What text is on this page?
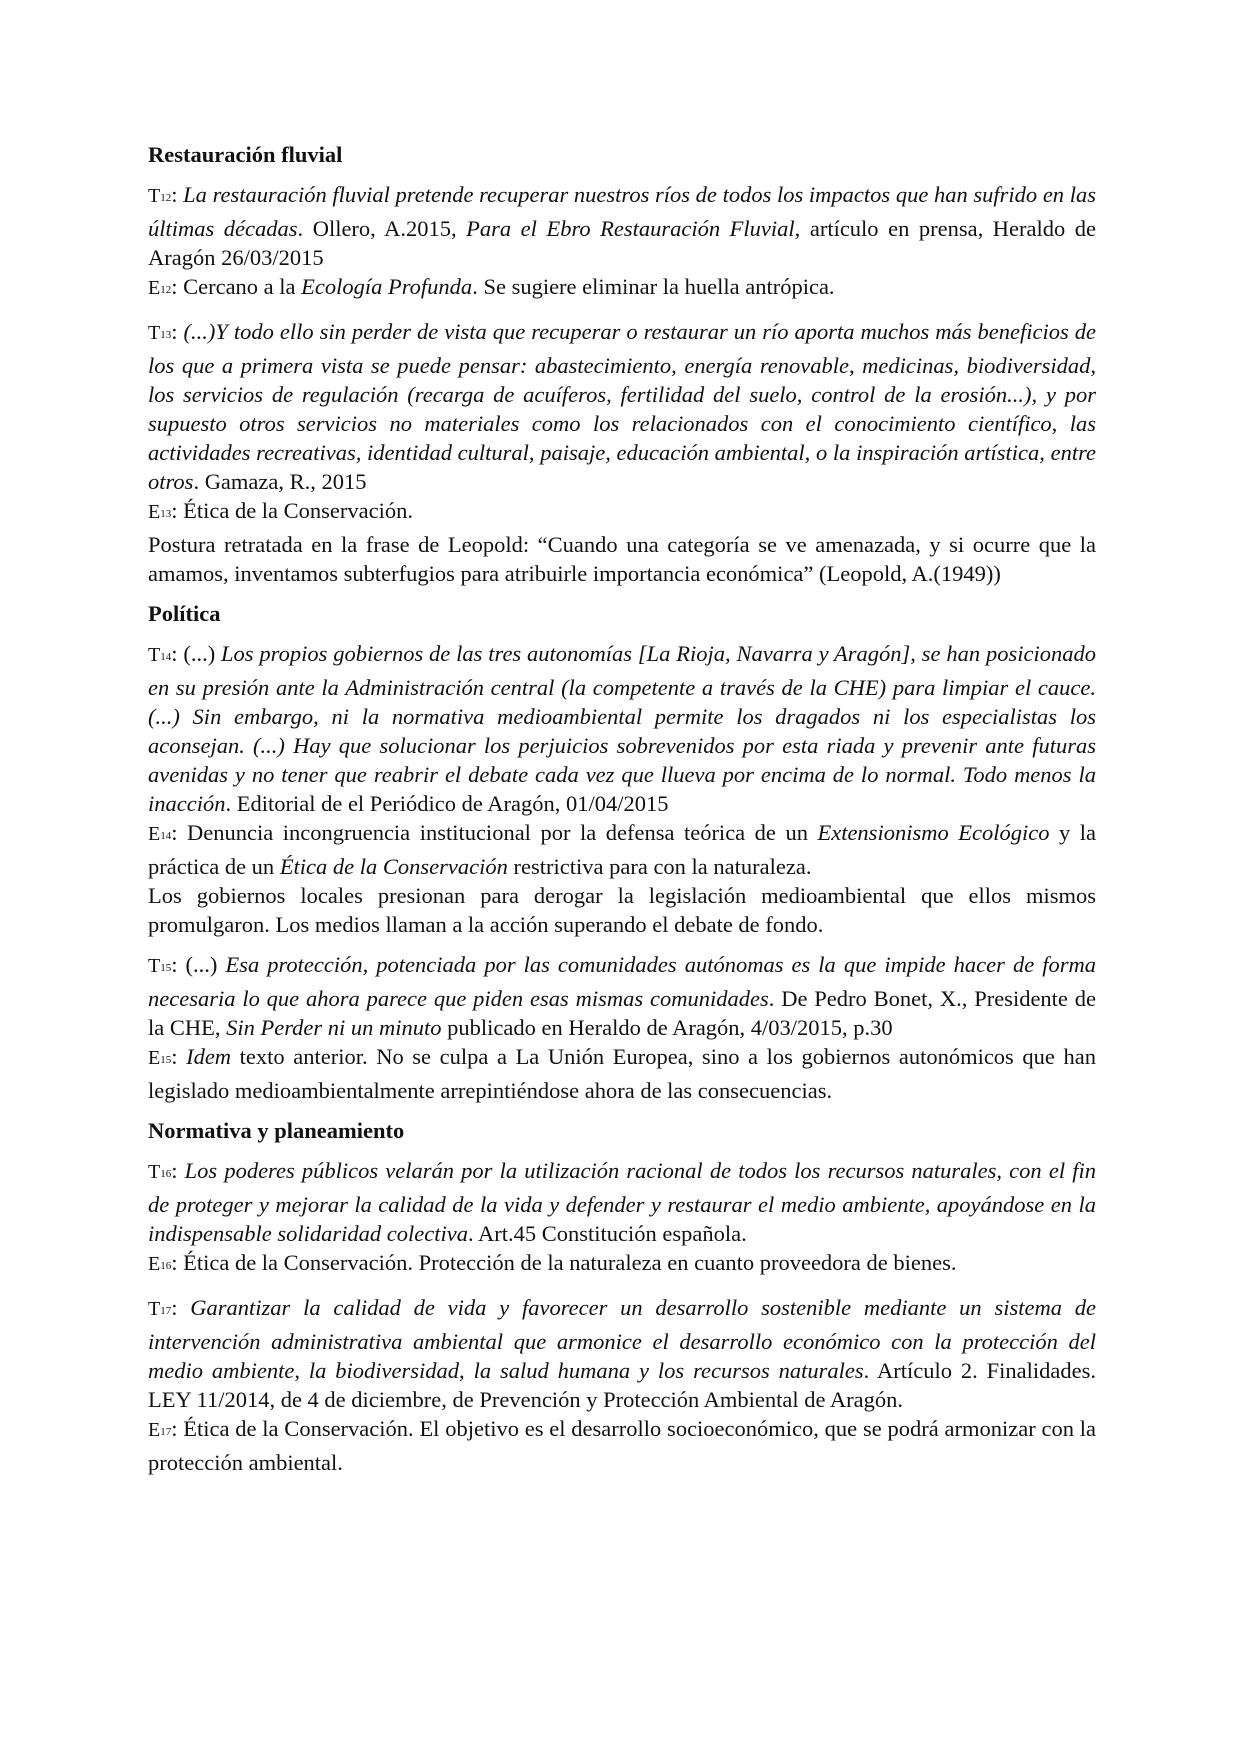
Restauración fluvial

$T_{12}$: La restauración fluvial pretende recuperar nuestros ríos de todos los impactos que han sufrido en las últimas décadas. Ollero, A.2015, Para el Ebro Restauración Fluvial, artículo en prensa, Heraldo de Aragón 26/03/2015

$E_{12}$: Cercano a la Ecología Profunda. Se sugiere eliminar la huella antrópica.

$T_{13}$: (...)Y todo ello sin perder de vista que recuperar o restaurar un río aporta muchos más beneficios de los que a primera vista se puede pensar: abastecimiento, energía renovable, medicinas, biodiversidad, los servicios de regulación (recarga de acuíferos, fertilidad del suelo, control de la erosión...), y por supuesto otros servicios no materiales como los relacionados con el conocimiento científico, las actividades recreativas, identidad cultural, paisaje, educación ambiental, o la inspiración artística, entre otros. Gamaza, R., 2015

$E_{13}$: Ética de la Conservación.

Postura retratada en la frase de Leopold: “Cuando una categoría se ve amenazada, y si ocurre que la amamos, inventamos subterfugios para atribuirle importancia económica” (Leopold, A.(1949))

Política

$T_{14}$: (...) Los propios gobiernos de las tres autonomías [La Rioja, Navarra y Aragón], se han posicionado en su presión ante la Administración central (la competente a través de la CHE) para limpiar el cauce. (...) Sin embargo, ni la normativa medioambiental permite los dragados ni los especialistas los aconsejan. (...) Hay que solucionar los perjuicios sobrevenidos por esta riada y prevenir ante futuras avenidas y no tener que reabrir el debate cada vez que llueva por encima de lo normal. Todo menos la inacción. Editorial de el Periódico de Aragón, 01/04/2015

$E_{14}$: Denuncia incongruencia institucional por la defensa teórica de un Extensionismo Ecológico y la práctica de un Ética de la Conservación restrictiva para con la naturaleza.

Los gobiernos locales presionan para derogar la legislación medioambiental que ellos mismos promulgaron. Los medios llaman a la acción superando el debate de fondo.

$T_{15}$: (...) Esa protección, potenciada por las comunidades autónomas es la que impide hacer de forma necesaria lo que ahora parece que piden esas mismas comunidades. De Pedro Bonet, X., Presidente de la CHE, Sin Perder ni un minuto publicado en Heraldo de Aragón, 4/03/2015, p.30

$E_{15}$: Idem texto anterior. No se culpa a La Unión Europea, sino a los gobiernos autonómicos que han legislado medioambientalmente arrepintiéndose ahora de las consecuencias.

Normativa y planeamiento

$T_{16}$: Los poderes públicos velarán por la utilización racional de todos los recursos naturales, con el fin de proteger y mejorar la calidad de la vida y defender y restaurar el medio ambiente, apoyándose en la indispensable solidaridad colectiva. Art.45 Constitución española.

$E_{16}$: Ética de la Conservación. Protección de la naturaleza en cuanto proveedora de bienes.

$T_{17}$: Garantizar la calidad de vida y favorecer un desarrollo sostenible mediante un sistema de intervención administrativa ambiental que armonice el desarrollo económico con la protección del medio ambiente, la biodiversidad, la salud humana y los recursos naturales. Artículo 2. Finalidades. LEY 11/2014, de 4 de diciembre, de Prevención y Protección Ambiental de Aragón.

$E_{17}$: Ética de la Conservación. El objetivo es el desarrollo socioeconómico, que se podrá armonizar con la protección ambiental.
